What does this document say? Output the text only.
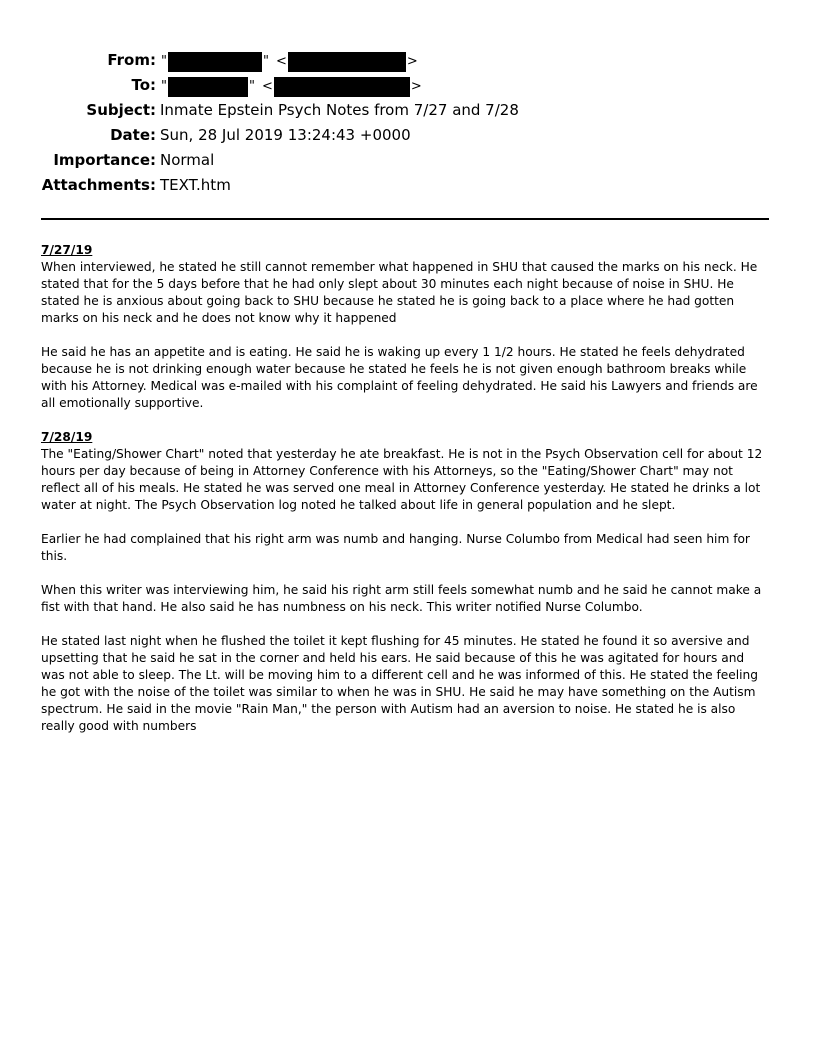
From: "	" <	>
To: "	" <	>
Subject: Inmate Epstein Psych Notes from 7/27 and 7/28
Date: Sun, 28 Jul 2019 13:24:43 +0000
Importance: Normal
Attachments: TEXT.htm

7/27/19

When interviewed, he stated he still cannot remember what happened in SHU that caused the marks on his neck. He stated that for the 5 days before that he had only slept about 30 minutes each night because of noise in SHU. He stated he is anxious about going back to SHU because he stated he is going back to a place where he had gotten marks on his neck and he does not know why it happened

He said he has an appetite and is eating. He said he is waking up every 1 1/2 hours. He stated he feels dehydrated because he is not drinking enough water because he stated he feels he is not given enough bathroom breaks while with his Attorney. Medical was e-mailed with his complaint of feeling dehydrated. He said his Lawyers and friends are all emotionally supportive.

7/28/19

The "Eating/Shower Chart" noted that yesterday he ate breakfast. He is not in the Psych Observation cell for about 12 hours per day because of being in Attorney Conference with his Attorneys, so the "Eating/Shower Chart" may not reflect all of his meals. He stated he was served one meal in Attorney Conference yesterday. He stated he drinks a lot water at night. The Psych Observation log noted he talked about life in general population and he slept.

Earlier he had complained that his right arm was numb and hanging. Nurse Columbo from Medical had seen him for this.

When this writer was interviewing him, he said his right arm still feels somewhat numb and he said he cannot make a fist with that hand. He also said he has numbness on his neck. This writer notified Nurse Columbo.

He stated last night when he flushed the toilet it kept flushing for 45 minutes. He stated he found it so aversive and upsetting that he said he sat in the corner and held his ears. He said because of this he was agitated for hours and was not able to sleep. The Lt. will be moving him to a different cell and he was informed of this. He stated the feeling he got with the noise of the toilet was similar to when he was in SHU. He said he may have something on the Autism spectrum. He said in the movie "Rain Man," the person with Autism had an aversion to noise. He stated he is also really good with numbers
